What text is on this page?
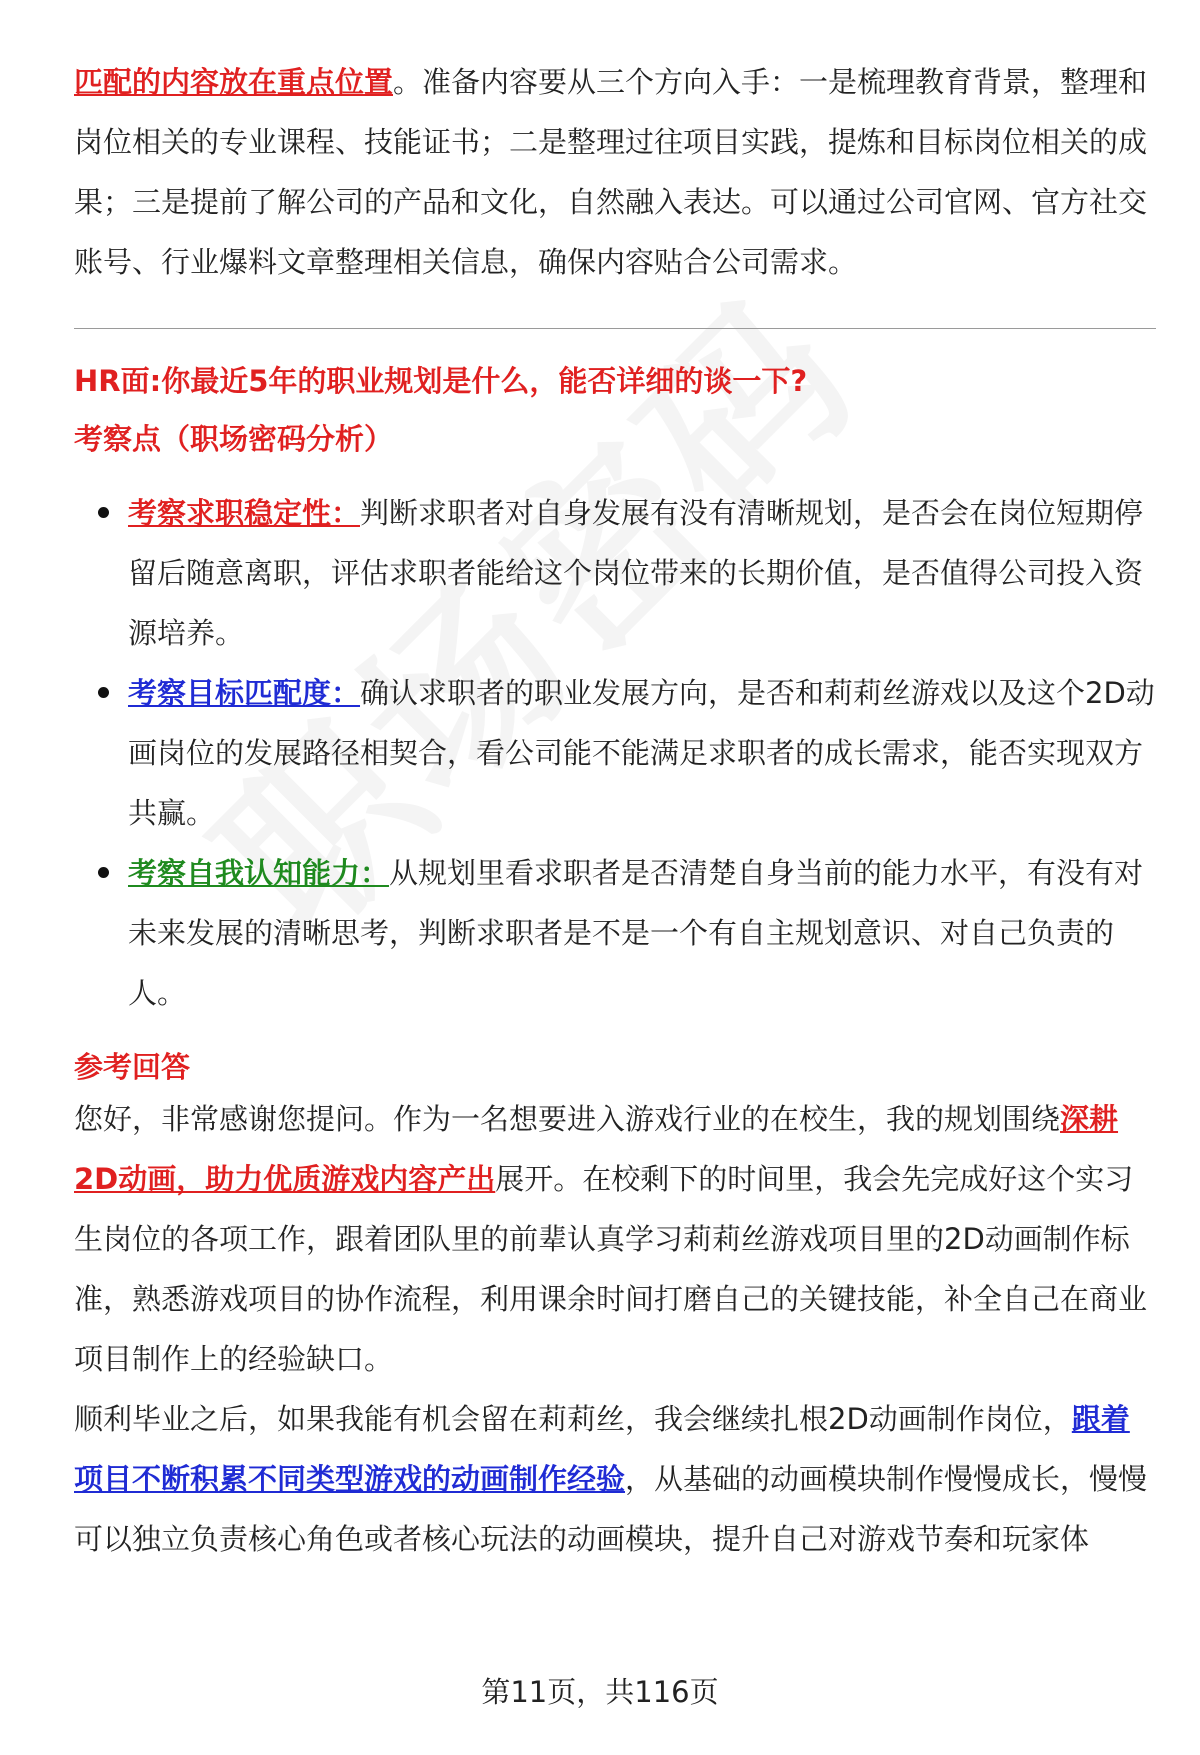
匹配的内容放在重点位置。准备内容要从三个方向入手：一是梳理教育背景，整理和岗位相关的专业课程、技能证书；二是整理过往项目实践，提炼和目标岗位相关的成果；三是提前了解公司的产品和文化，自然融入表达。可以通过公司官网、官方社交账号、行业爆料文章整理相关信息，确保内容贴合公司需求。

HR面:你最近5年的职业规划是什么，能否详细的谈一下?

考察点（职场密码分析）

考察求职稳定性：判断求职者对自身发展有没有清晰规划，是否会在岗位短期停留后随意离职，评估求职者能给这个岗位带来的长期价值，是否值得公司投入资源培养。
考察目标匹配度：确认求职者的职业发展方向，是否和莉莉丝游戏以及这个2D动画岗位的发展路径相契合，看公司能不能满足求职者的成长需求，能否实现双方共赢。
考察自我认知能力：从规划里看求职者是否清楚自身当前的能力水平，有没有对未来发展的清晰思考，判断求职者是不是一个有自主规划意识、对自己负责的人。

参考回答

您好，非常感谢您提问。作为一名想要进入游戏行业的在校生，我的规划围绕深耕2D动画，助力优质游戏内容产出展开。在校剩下的时间里，我会先完成好这个实习生岗位的各项工作，跟着团队里的前辈认真学习莉莉丝游戏项目里的2D动画制作标准，熟悉游戏项目的协作流程，利用课余时间打磨自己的关键技能，补全自己在商业项目制作上的经验缺口。

顺利毕业之后，如果我能有机会留在莉莉丝，我会继续扎根2D动画制作岗位，跟着项目不断积累不同类型游戏的动画制作经验，从基础的动画模块制作慢慢成长，慢慢可以独立负责核心角色或者核心玩法的动画模块，提升自己对游戏节奏和玩家体

第11页，共116页
